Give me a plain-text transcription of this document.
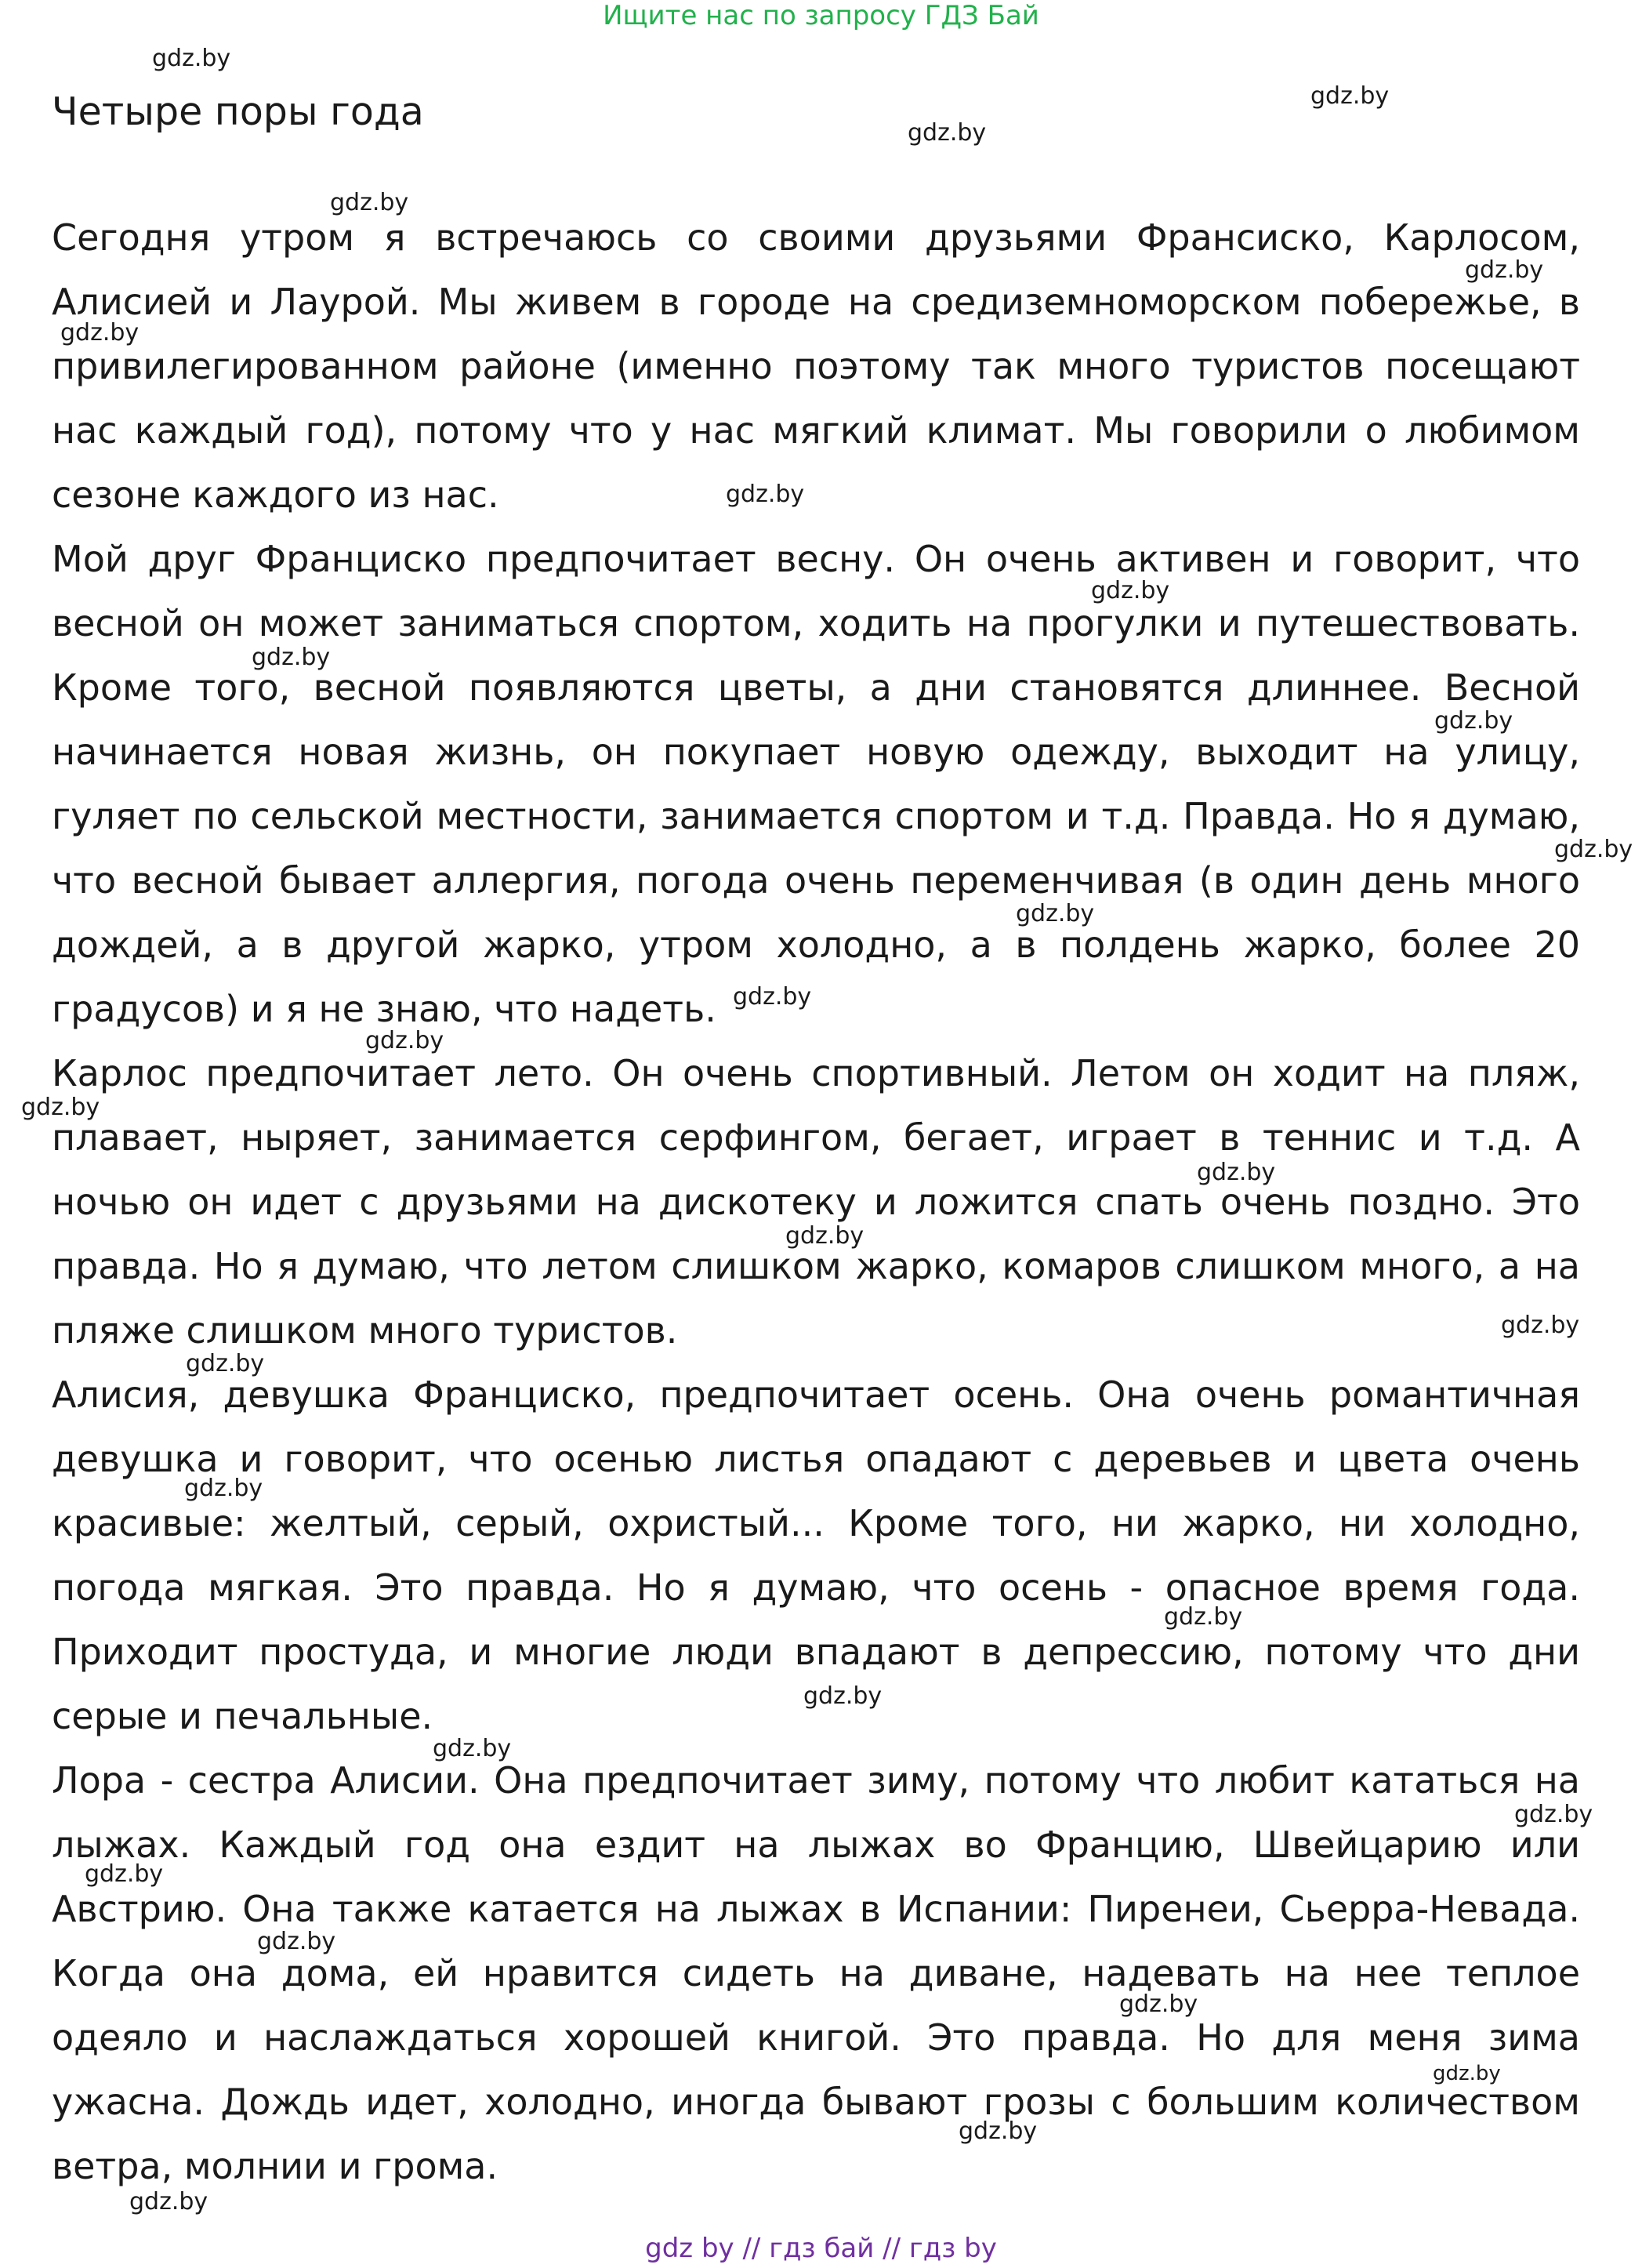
Ищите нас по запросу ГДЗ Бай
Четыре поры года

Сегодня утром я встречаюсь со своими друзьями Франсиско, Карлосом, Алисией и Лаурой. Мы живем в городе на средиземноморском побережье, в привилегированном районе (именно поэтому так много туристов посещают нас каждый год), потому что у нас мягкий климат. Мы говорили о любимом сезоне каждого из нас.

Мой друг Франциско предпочитает весну. Он очень активен и говорит, что весной он может заниматься спортом, ходить на прогулки и путешествовать. Кроме того, весной появляются цветы, а дни становятся длиннее. Весной начинается новая жизнь, он покупает новую одежду, выходит на улицу, гуляет по сельской местности, занимается спортом и т.д. Правда. Но я думаю, что весной бывает аллергия, погода очень переменчивая (в один день много дождей, а в другой жарко, утром холодно, а в полдень жарко, более 20 градусов) и я не знаю, что надеть.

Карлос предпочитает лето. Он очень спортивный. Летом он ходит на пляж, плавает, ныряет, занимается серфингом, бегает, играет в теннис и т.д. А ночью он идет с друзьями на дискотеку и ложится спать очень поздно. Это правда. Но я думаю, что летом слишком жарко, комаров слишком много, а на пляже слишком много туристов.

Алисия, девушка Франциско, предпочитает осень. Она очень романтичная девушка и говорит, что осенью листья опадают с деревьев и цвета очень красивые: желтый, серый, охристый... Кроме того, ни жарко, ни холодно, погода мягкая. Это правда. Но я думаю, что осень - опасное время года. Приходит простуда, и многие люди впадают в депрессию, потому что дни серые и печальные.

Лора - сестра Алисии. Она предпочитает зиму, потому что любит кататься на лыжах. Каждый год она ездит на лыжах во Францию, Швейцарию или Австрию. Она также катается на лыжах в Испании: Пиренеи, Сьерра-Невада. Когда она дома, ей нравится сидеть на диване, надевать на нее теплое одеяло и наслаждаться хорошей книгой. Это правда. Но для меня зима ужасна. Дождь идет, холодно, иногда бывают грозы с большим количеством ветра, молнии и грома.

gdz.by
gdz.by
gdz.by
gdz.by
gdz.by
gdz.by
gdz.by
gdz.by
gdz.by
gdz.by
gdz.by
gdz.by
gdz.by
gdz.by
gdz.by
gdz.by
gdz.by
gdz.by
gdz.by
gdz.by
gdz.by
gdz.by
gdz.by
gdz.by
gdz.by
gdz.by
gdz.by
gdz.by
gdz.by
gdz.by
gdz by // гдз бай // гдз by
